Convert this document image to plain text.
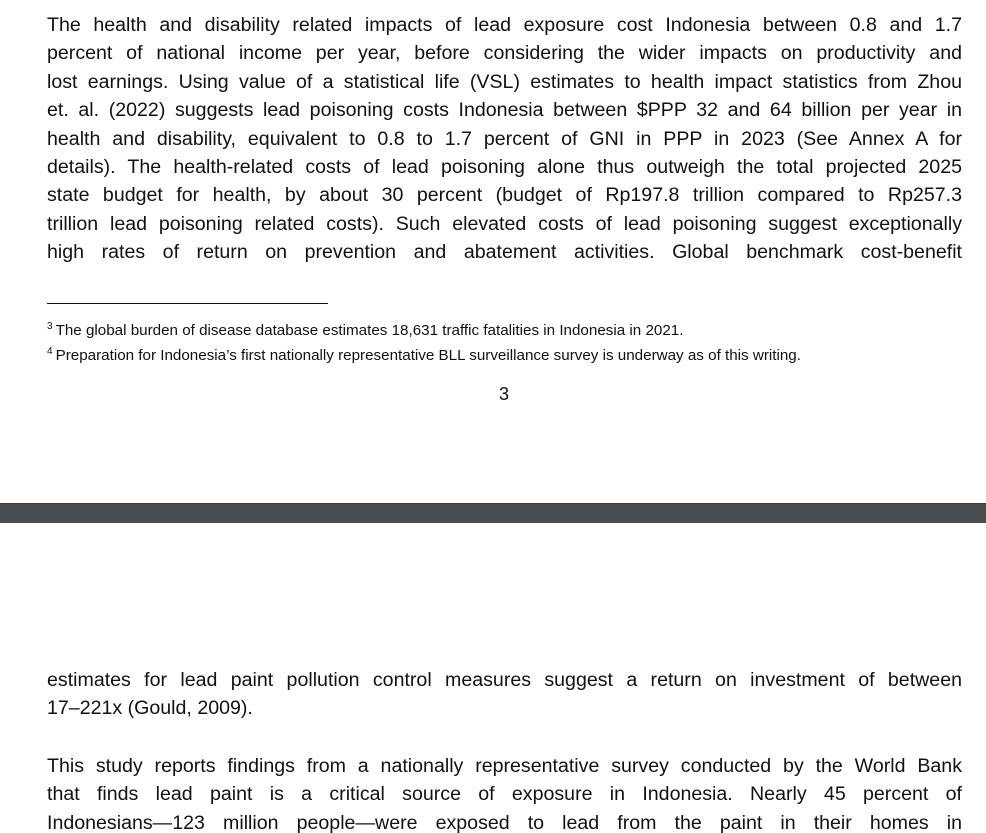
The health and disability related impacts of lead exposure cost Indonesia between 0.8 and 1.7
percent of national income per year, before considering the wider impacts on productivity and
lost earnings. Using value of a statistical life (VSL) estimates to health impact statistics from Zhou
et. al. (2022) suggests lead poisoning costs Indonesia between $PPP 32 and 64 billion per year in
health and disability, equivalent to 0.8 to 1.7 percent of GNI in PPP in 2023 (See Annex A for
details). The health-related costs of lead poisoning alone thus outweigh the total projected 2025
state budget for health, by about 30 percent (budget of Rp197.8 trillion compared to Rp257.3
trillion lead poisoning related costs). Such elevated costs of lead poisoning suggest exceptionally
high rates of return on prevention and abatement activities. Global benchmark cost-benefit
$^3$ The global burden of disease database estimates 18,631 traffic fatalities in Indonesia in 2021.
$^4$ Preparation for Indonesia’s first nationally representative BLL surveillance survey is underway as of this writing.
3
estimates for lead paint pollution control measures suggest a return on investment of between
17–221x (Gould, 2009).
This study reports findings from a nationally representative survey conducted by the World Bank
that finds lead paint is a critical source of exposure in Indonesia. Nearly 45 percent of
Indonesians—123 million people—were exposed to lead from the paint in their homes in
